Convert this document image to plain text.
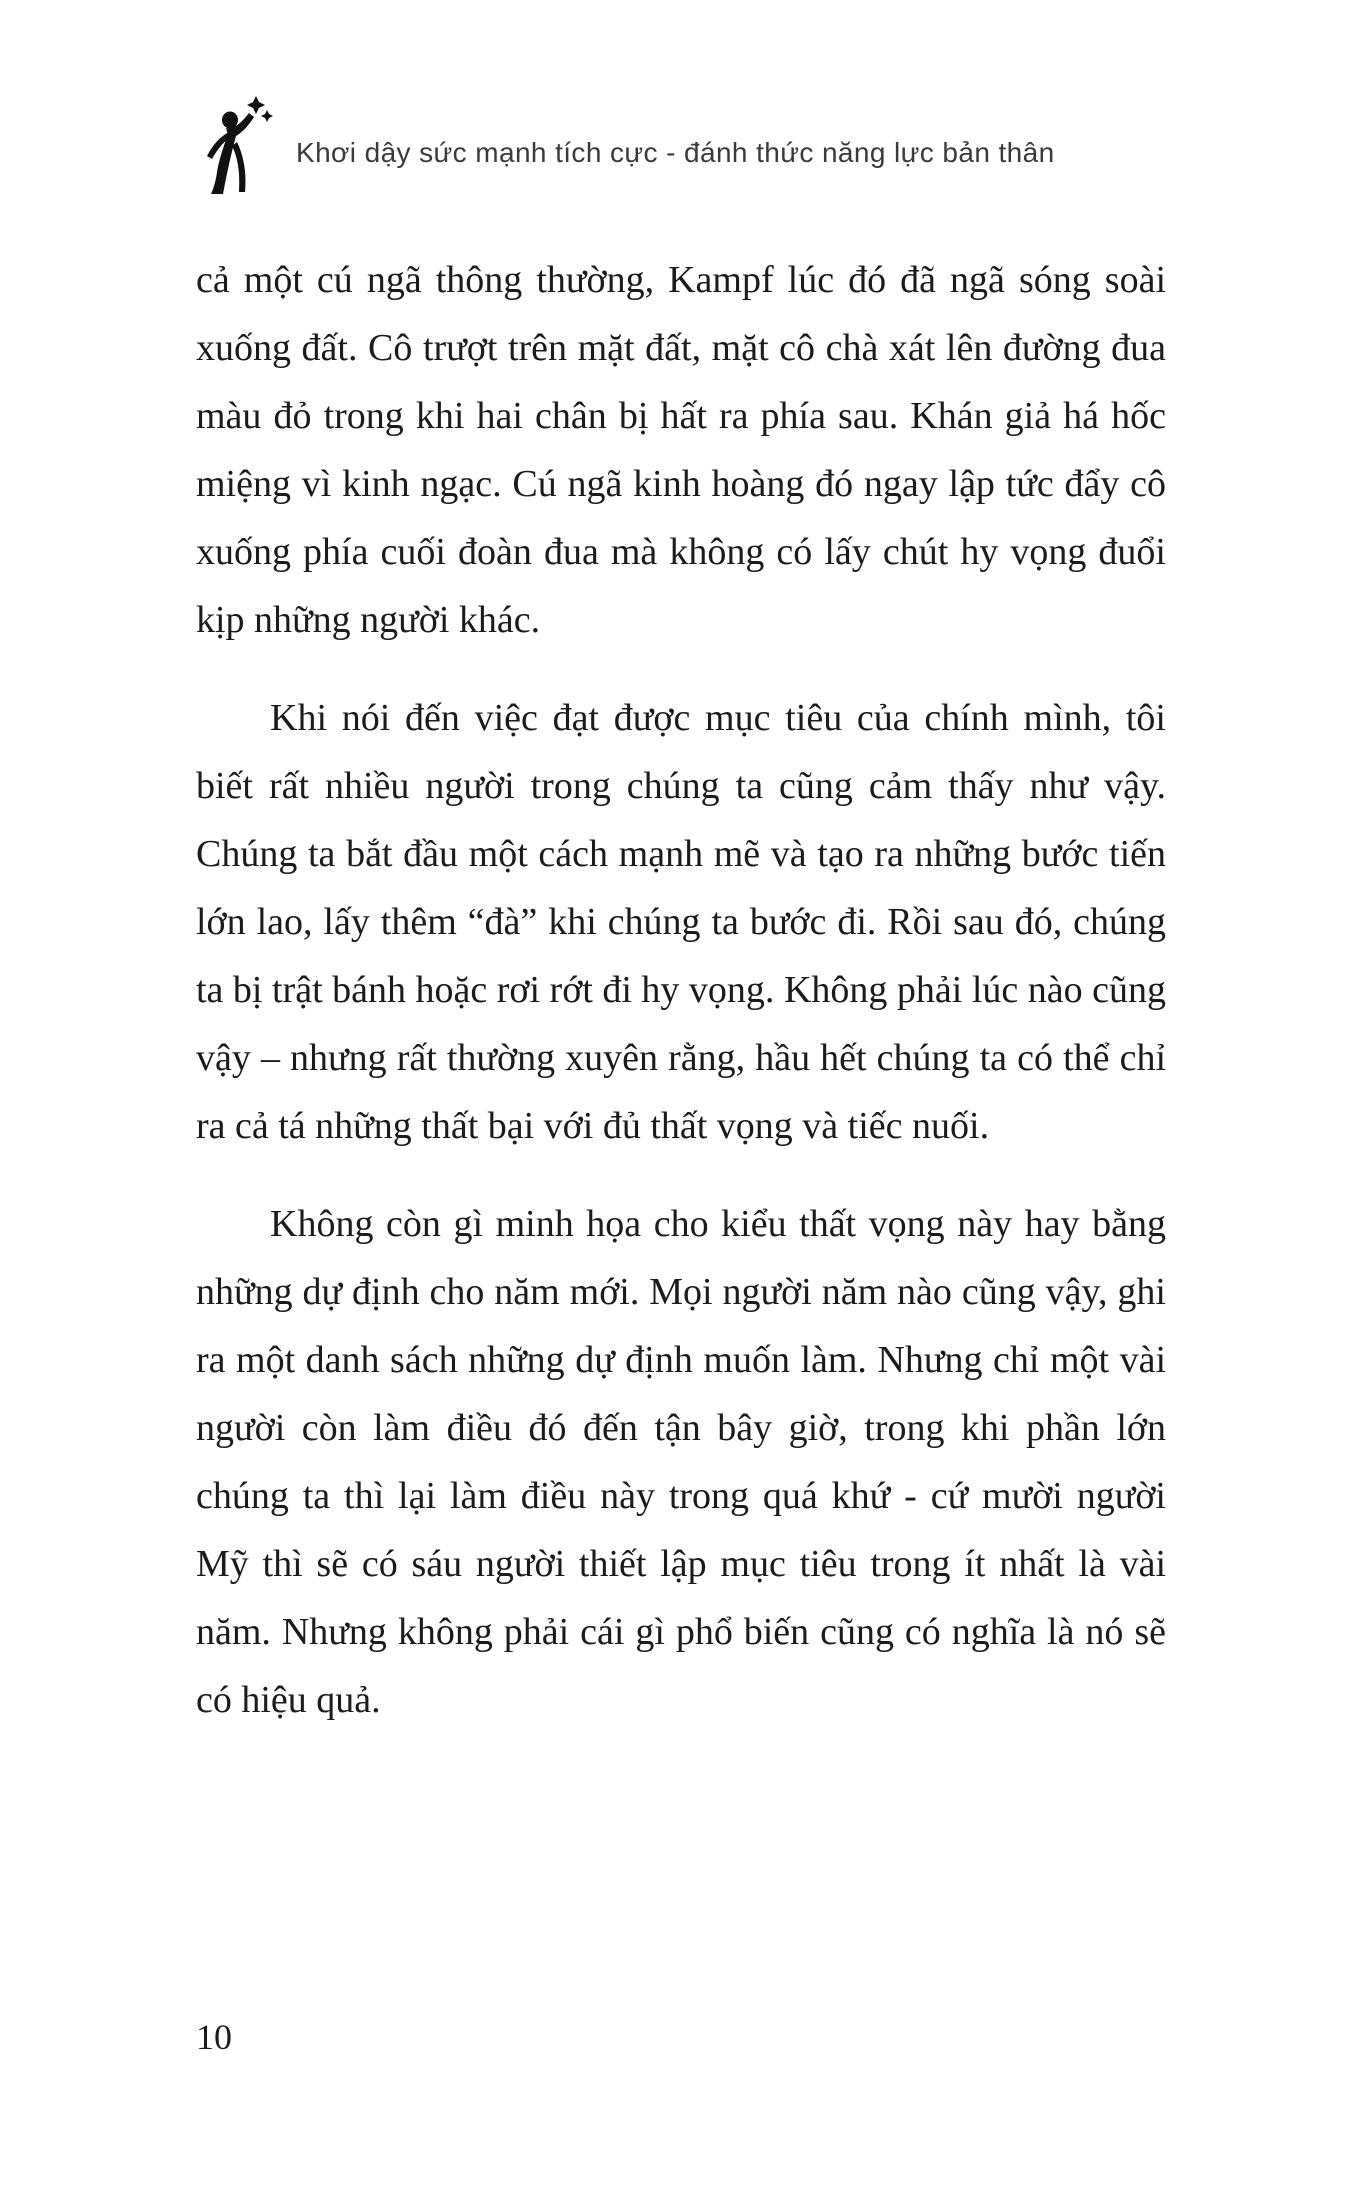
Khơi dậy sức mạnh tích cực - đánh thức năng lực bản thân

cả một cú ngã thông thường, Kampf lúc đó đã ngã sóng soài xuống đất. Cô trượt trên mặt đất, mặt cô chà xát lên đường đua màu đỏ trong khi hai chân bị hất ra phía sau. Khán giả há hốc miệng vì kinh ngạc. Cú ngã kinh hoàng đó ngay lập tức đẩy cô xuống phía cuối đoàn đua mà không có lấy chút hy vọng đuổi kịp những người khác.

Khi nói đến việc đạt được mục tiêu của chính mình, tôi biết rất nhiều người trong chúng ta cũng cảm thấy như vậy. Chúng ta bắt đầu một cách mạnh mẽ và tạo ra những bước tiến lớn lao, lấy thêm “đà” khi chúng ta bước đi. Rồi sau đó, chúng ta bị trật bánh hoặc rơi rớt đi hy vọng. Không phải lúc nào cũng vậy – nhưng rất thường xuyên rằng, hầu hết chúng ta có thể chỉ ra cả tá những thất bại với đủ thất vọng và tiếc nuối.

Không còn gì minh họa cho kiểu thất vọng này hay bằng những dự định cho năm mới. Mọi người năm nào cũng vậy, ghi ra một danh sách những dự định muốn làm. Nhưng chỉ một vài người còn làm điều đó đến tận bây giờ, trong khi phần lớn chúng ta thì lại làm điều này trong quá khứ - cứ mười người Mỹ thì sẽ có sáu người thiết lập mục tiêu trong ít nhất là vài năm. Nhưng không phải cái gì phổ biến cũng có nghĩa là nó sẽ có hiệu quả.

10
